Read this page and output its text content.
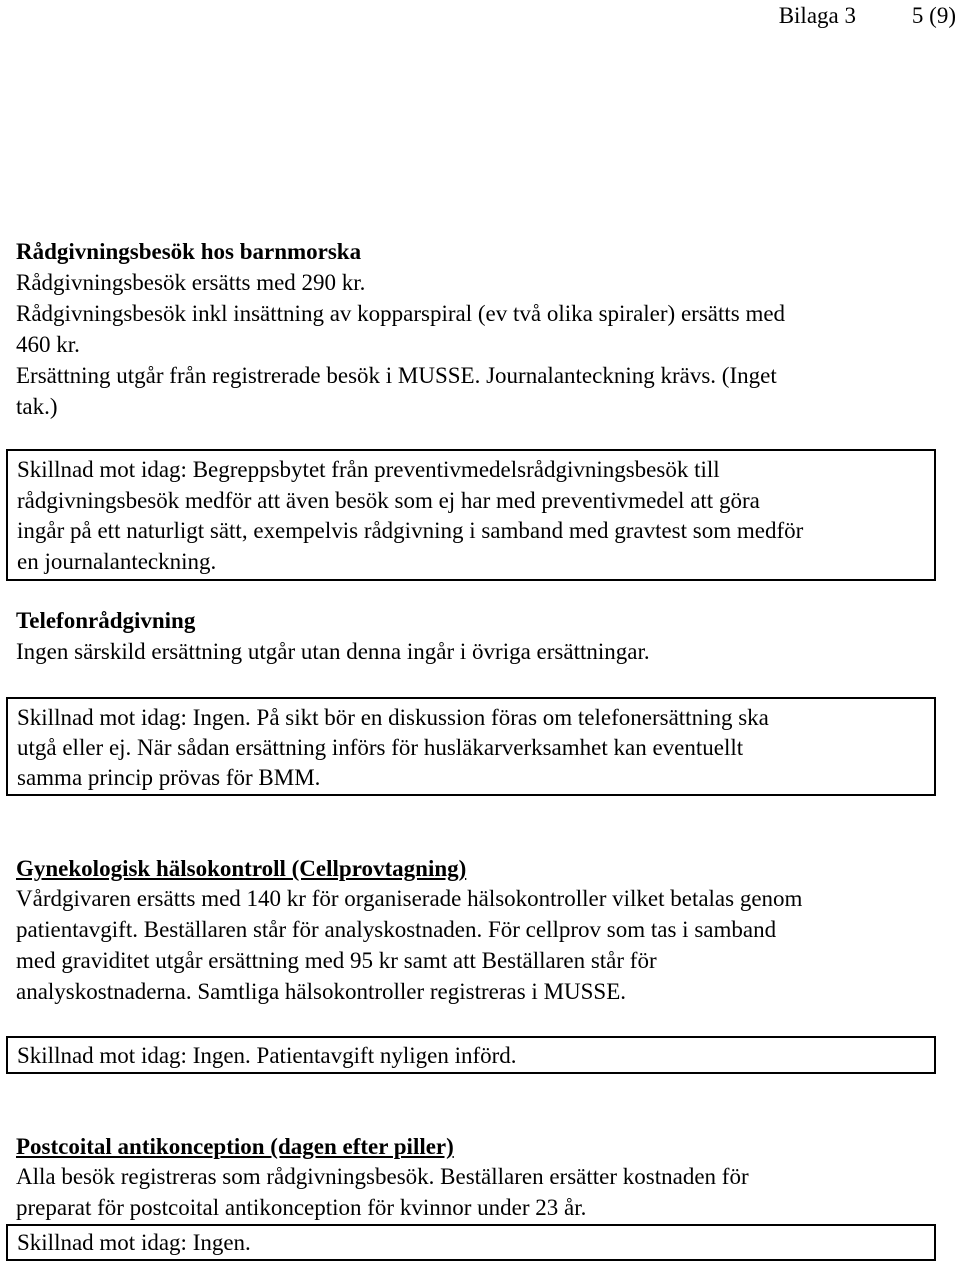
Bilaga 3 5 (9)
Rådgivningsbesök hos barnmorska
Rådgivningsbesök ersätts med 290 kr.
Rådgivningsbesök inkl insättning av kopparspiral (ev två olika spiraler) ersätts med
460 kr.
Ersättning utgår från registrerade besök i MUSSE. Journalanteckning krävs. (Inget
tak.)
Skillnad mot idag: Begreppsbytet från preventivmedelsrådgivningsbesök till
rådgivningsbesök medför att även besök som ej har med preventivmedel att göra
ingår på ett naturligt sätt, exempelvis rådgivning i samband med gravtest som medför
en journalanteckning.
Telefonrådgivning
Ingen särskild ersättning utgår utan denna ingår i övriga ersättningar.
Skillnad mot idag: Ingen. På sikt bör en diskussion föras om telefonersättning ska
utgå eller ej. När sådan ersättning införs för husläkarverksamhet kan eventuellt
samma princip prövas för BMM.
Gynekologisk hälsokontroll (Cellprovtagning)
Vårdgivaren ersätts med 140 kr för organiserade hälsokontroller vilket betalas genom
patientavgift. Beställaren står för analyskostnaden. För cellprov som tas i samband
med graviditet utgår ersättning med 95 kr samt att Beställaren står för
analyskostnaderna. Samtliga hälsokontroller registreras i MUSSE.
Skillnad mot idag: Ingen. Patientavgift nyligen införd.
Postcoital antikonception (dagen efter piller)
Alla besök registreras som rådgivningsbesök. Beställaren ersätter kostnaden för
preparat för postcoital antikonception för kvinnor under 23 år.
Skillnad mot idag: Ingen.
